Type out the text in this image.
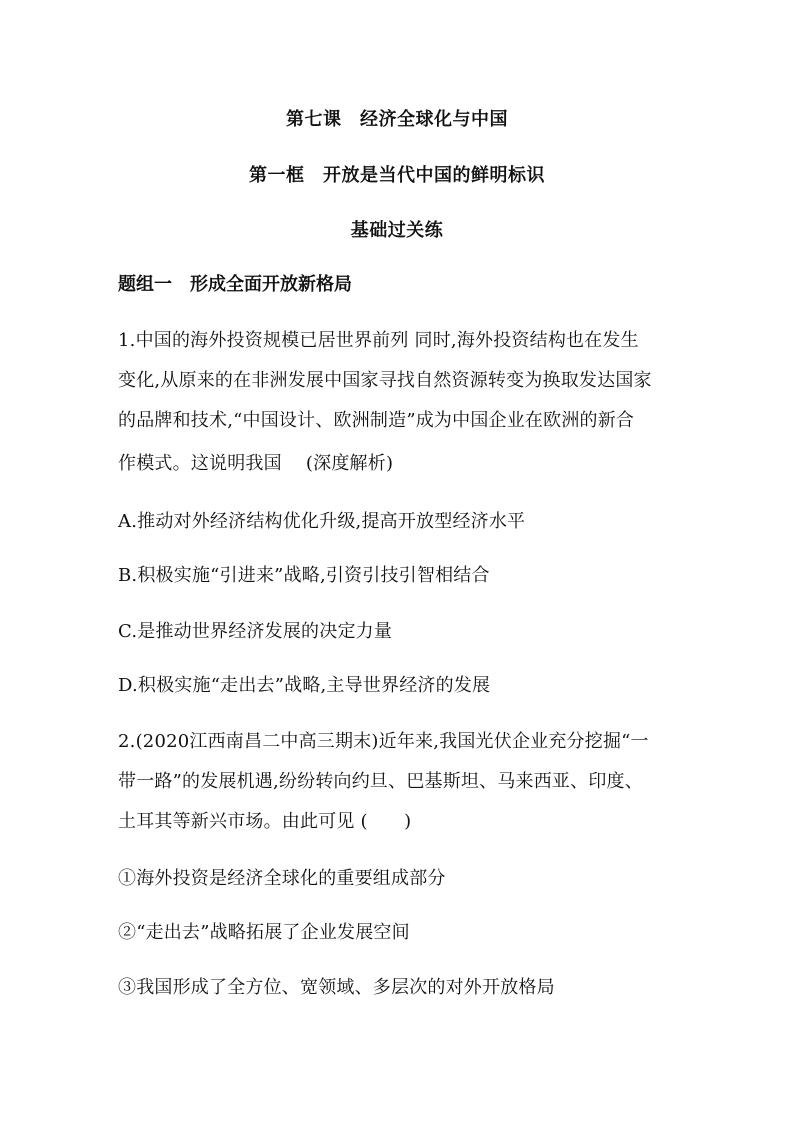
第七课　经济全球化与中国
第一框　开放是当代中国的鲜明标识
基础过关练
题组一　形成全面开放新格局
1.中国的海外投资规模已居世界前列 同时,海外投资结构也在发生
变化,从原来的在非洲发展中国家寻找自然资源转变为换取发达国家
的品牌和技术,“中国设计、欧洲制造”成为中国企业在欧洲的新合
作模式。这说明我国　 (深度解析)
A.推动对外经济结构优化升级,提高开放型经济水平
B.积极实施“引进来”战略,引资引技引智相结合
C.是推动世界经济发展的决定力量
D.积极实施“走出去”战略,主导世界经济的发展
2.(2020江西南昌二中高三期末)近年来,我国光伏企业充分挖掘“一
带一路”的发展机遇,纷纷转向约旦、巴基斯坦、马来西亚、印度、
土耳其等新兴市场。由此可见 (　　)
①海外投资是经济全球化的重要组成部分
②“走出去”战略拓展了企业发展空间
③我国形成了全方位、宽领域、多层次的对外开放格局
